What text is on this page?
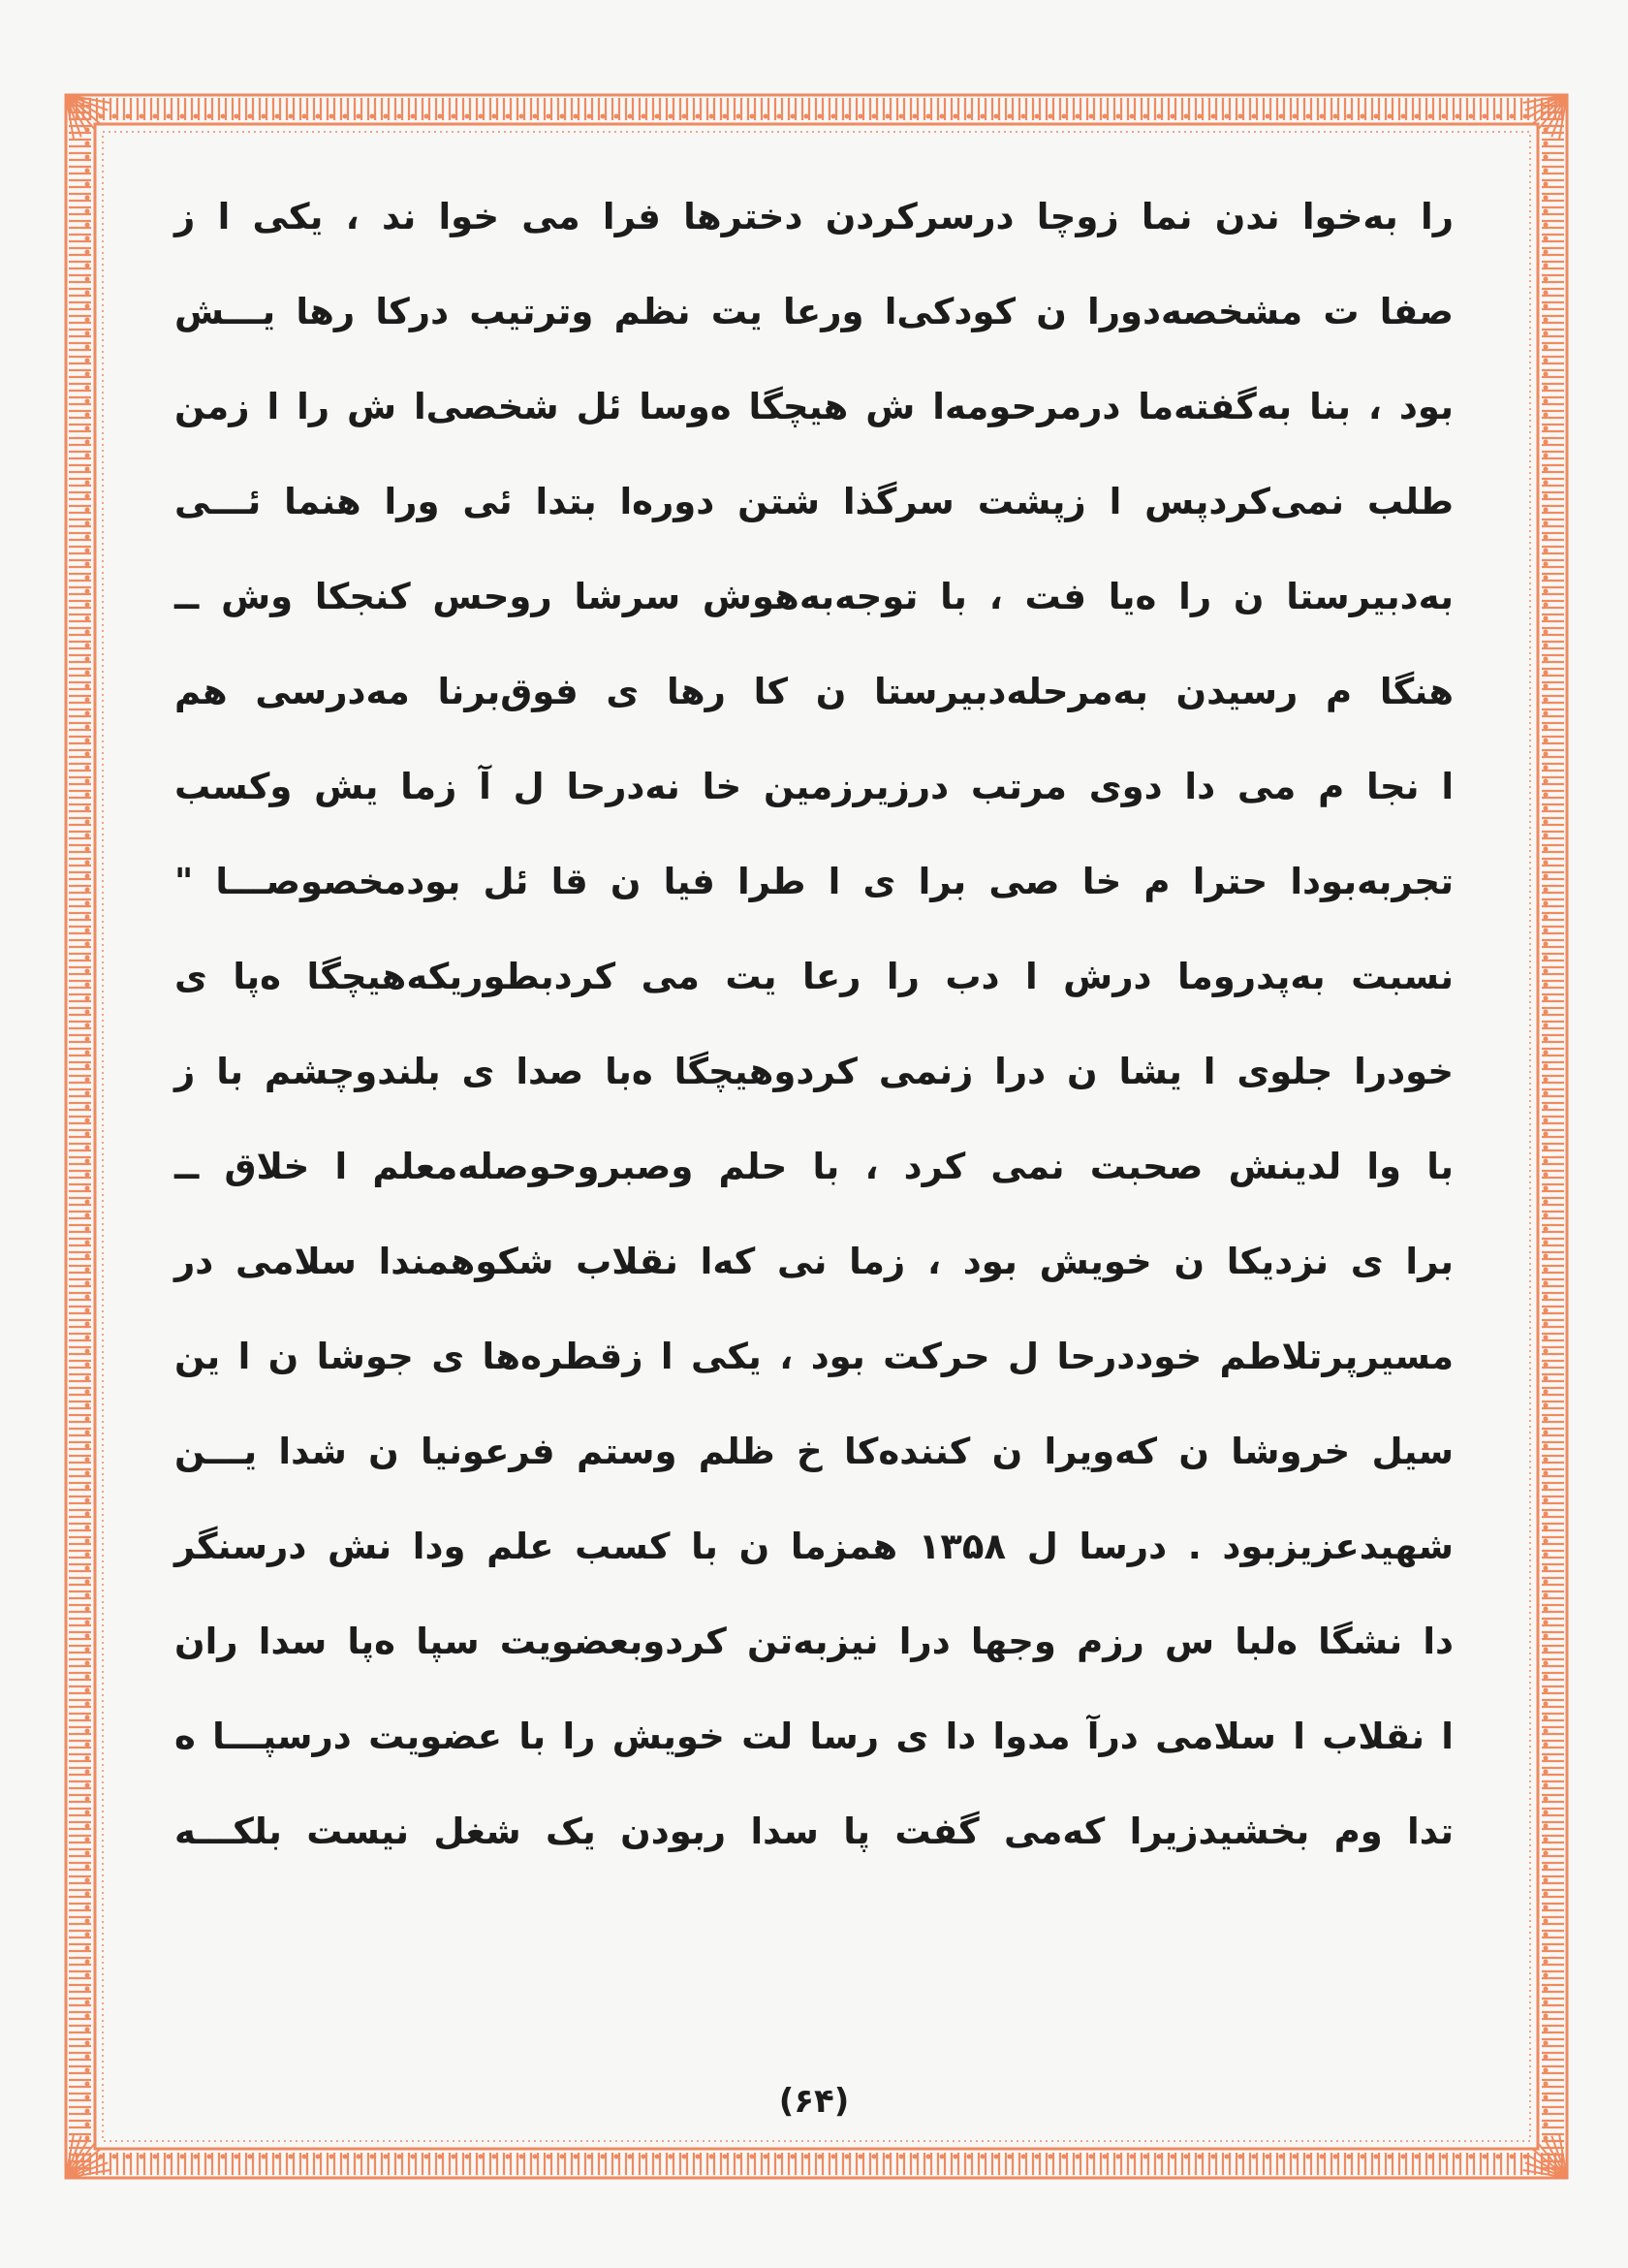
را به‌خوا ندن نما زوچا درسرکردن دخترها فرا می خوا ند ، یکی ا ز
صفا ت مشخصه‌دورا ن کودکی‌ا ورعا یت نظم وترتیب درکا رها یـــش
بود ، بنا به‌گفته‌ما درمرحومه‌ا ش هیچگا ه‌وسا ئل شخصی‌ا ش را ا زمن
طلب نمی‌کردپس ا زپشت سرگذا شتن دوره‌ا بتدا ئی ورا هنما ئـــی
به‌دبیرستا ن را ه‌یا فت ، با توجه‌به‌هوش سرشا روحس کنجکا وش ــ
هنگا م رسیدن به‌مرحله‌دبیرستا ن کا رها ی فوق‌برنا مه‌درسی هم
ا نجا م می دا دوی مرتب درزیرزمین خا نه‌درحا ل آ زما یش وکسب
تجربه‌بودا حترا م خا صی برا ی ا طرا فیا ن قا ئل بودمخصوصـــا "
نسبت به‌پدروما درش ا دب را رعا یت می کردبطوریکه‌هیچگا ه‌پا ی
خودرا جلوی ا یشا ن درا زنمی کردوهیچگا ه‌با صدا ی بلندوچشم با ز
با وا لدینش صحبت نمی کرد ، با حلم وصبروحوصله‌معلم ا خلاق ــ
برا ی نزدیکا ن خویش بود ، زما نی که‌ا نقلاب شکوهمندا سلامی در
مسیرپرتلاطم خوددرحا ل حرکت بود ، یکی ا زقطره‌ها ی جوشا ن ا ین
سیل خروشا ن که‌ویرا ن کننده‌کا خ ظلم وستم فرعونیا ن شدا یـــن
شهیدعزیزبود . درسا ل ۱۳۵۸ همزما ن با کسب علم ودا نش درسنگر
دا نشگا ه‌لبا س رزم وجها درا نیزبه‌تن کردوبعضویت سپا ه‌پا سدا ران
ا نقلاب ا سلامی درآ مدوا دا ی رسا لت خویش را با عضویت درسپـــا ه
تدا وم بخشیدزیرا که‌می گفت پا سدا ربودن یک شغل نیست بلکـــه
(۶۴)
